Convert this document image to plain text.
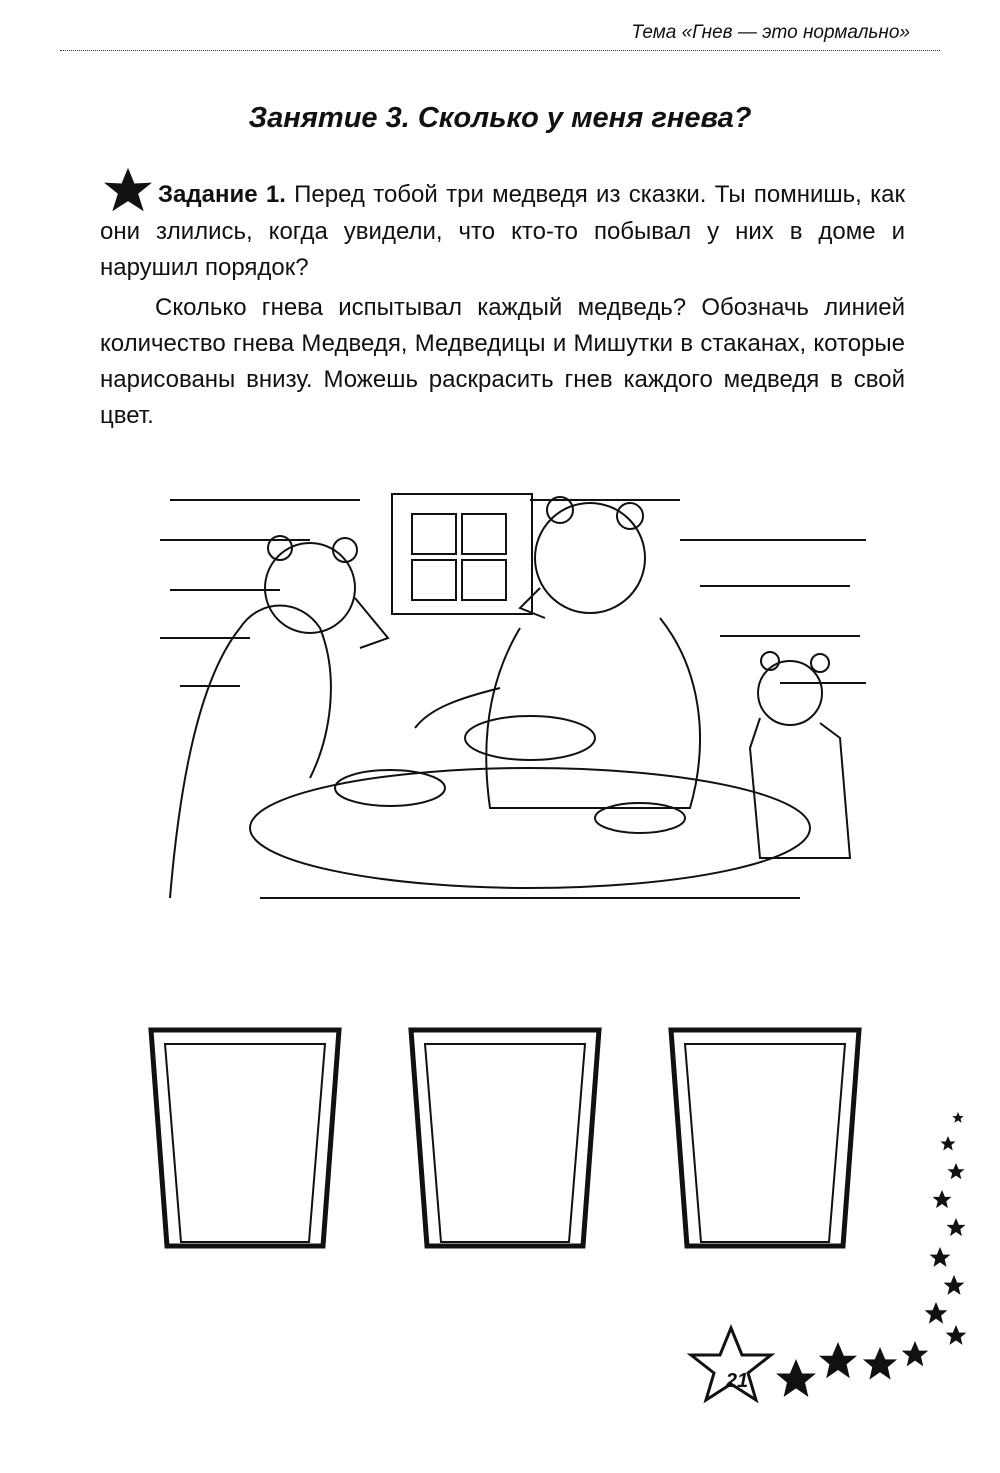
Тема «Гнев — это нормально»
Занятие 3. Сколько у меня гнева?

Задание 1. Перед тобой три медведя из сказки. Ты помнишь, как они злились, когда увидели, что кто-то побывал у них в доме и нарушил порядок?

Сколько гнева испытывал каждый медведь? Обозначь линией количество гнева Медведя, Медведицы и Мишутки в стаканах, которые нарисованы внизу. Можешь раскрасить гнев каждого медведя в свой цвет.

21
